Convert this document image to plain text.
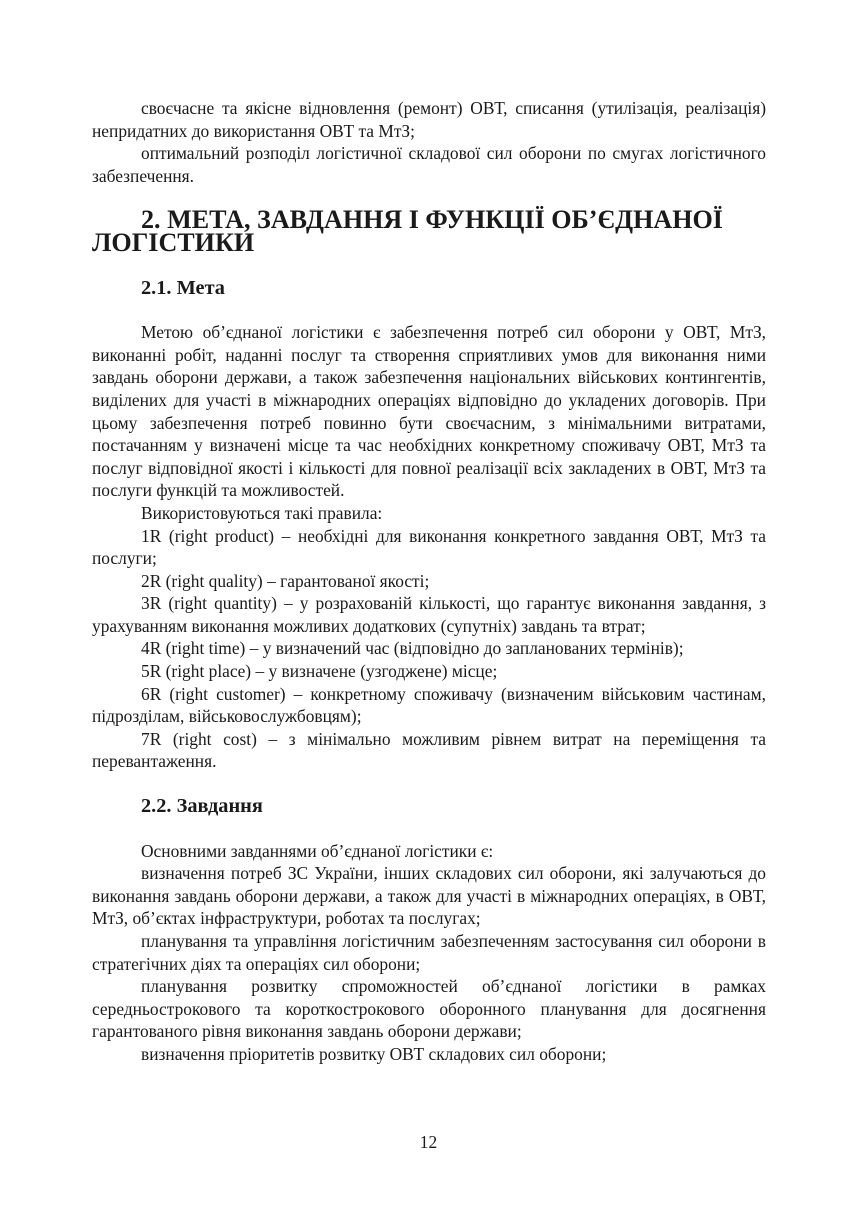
своєчасне та якісне відновлення (ремонт) ОВТ, списання (утилізація, реалізація) непридатних до використання ОВТ та МтЗ;

оптимальний розподіл логістичної складової сил оборони по смугах логістичного забезпечення.

2. МЕТА, ЗАВДАННЯ І ФУНКЦІЇ ОБ’ЄДНАНОЇ ЛОГІСТИКИ
2.1. Мета

Метою об’єднаної логістики є забезпечення потреб сил оборони у ОВТ, МтЗ, виконанні робіт, наданні послуг та створення сприятливих умов для виконання ними завдань оборони держави, а також забезпечення національних військових контингентів, виділених для участі в міжнародних операціях відповідно до укладених договорів. При цьому забезпечення потреб повинно бути своєчасним, з мінімальними витратами, постачанням у визначені місце та час необхідних конкретному споживачу ОВТ, МтЗ та послуг відповідної якості і кількості для повної реалізації всіх закладених в ОВТ, МтЗ та послуги функцій та можливостей.

Використовуються такі правила:

1R (right product) – необхідні для виконання конкретного завдання ОВТ, МтЗ та послуги;

2R (right quality) – гарантованої якості;

3R (right quantity) – у розрахованій кількості, що гарантує виконання завдання, з урахуванням виконання можливих додаткових (супутніх) завдань та втрат;

4R (right time) – у визначений час (відповідно до запланованих термінів);

5R (right place) – у визначене (узгоджене) місце;

6R (right customer) – конкретному споживачу (визначеним військовим частинам, підрозділам, військовослужбовцям);

7R (right cost) – з мінімально можливим рівнем витрат на переміщення та перевантаження.

2.2. Завдання

Основними завданнями об’єднаної логістики є:

визначення потреб ЗС України, інших складових сил оборони, які залучаються до виконання завдань оборони держави, а також для участі в міжнародних операціях, в ОВТ, МтЗ, об’єктах інфраструктури, роботах та послугах;

планування та управління логістичним забезпеченням застосування сил оборони в стратегічних діях та операціях сил оборони;

планування розвитку спроможностей об’єднаної логістики в рамках середньострокового та короткострокового оборонного планування для досягнення гарантованого рівня виконання завдань оборони держави;

визначення пріоритетів розвитку ОВТ складових сил оборони;

12
